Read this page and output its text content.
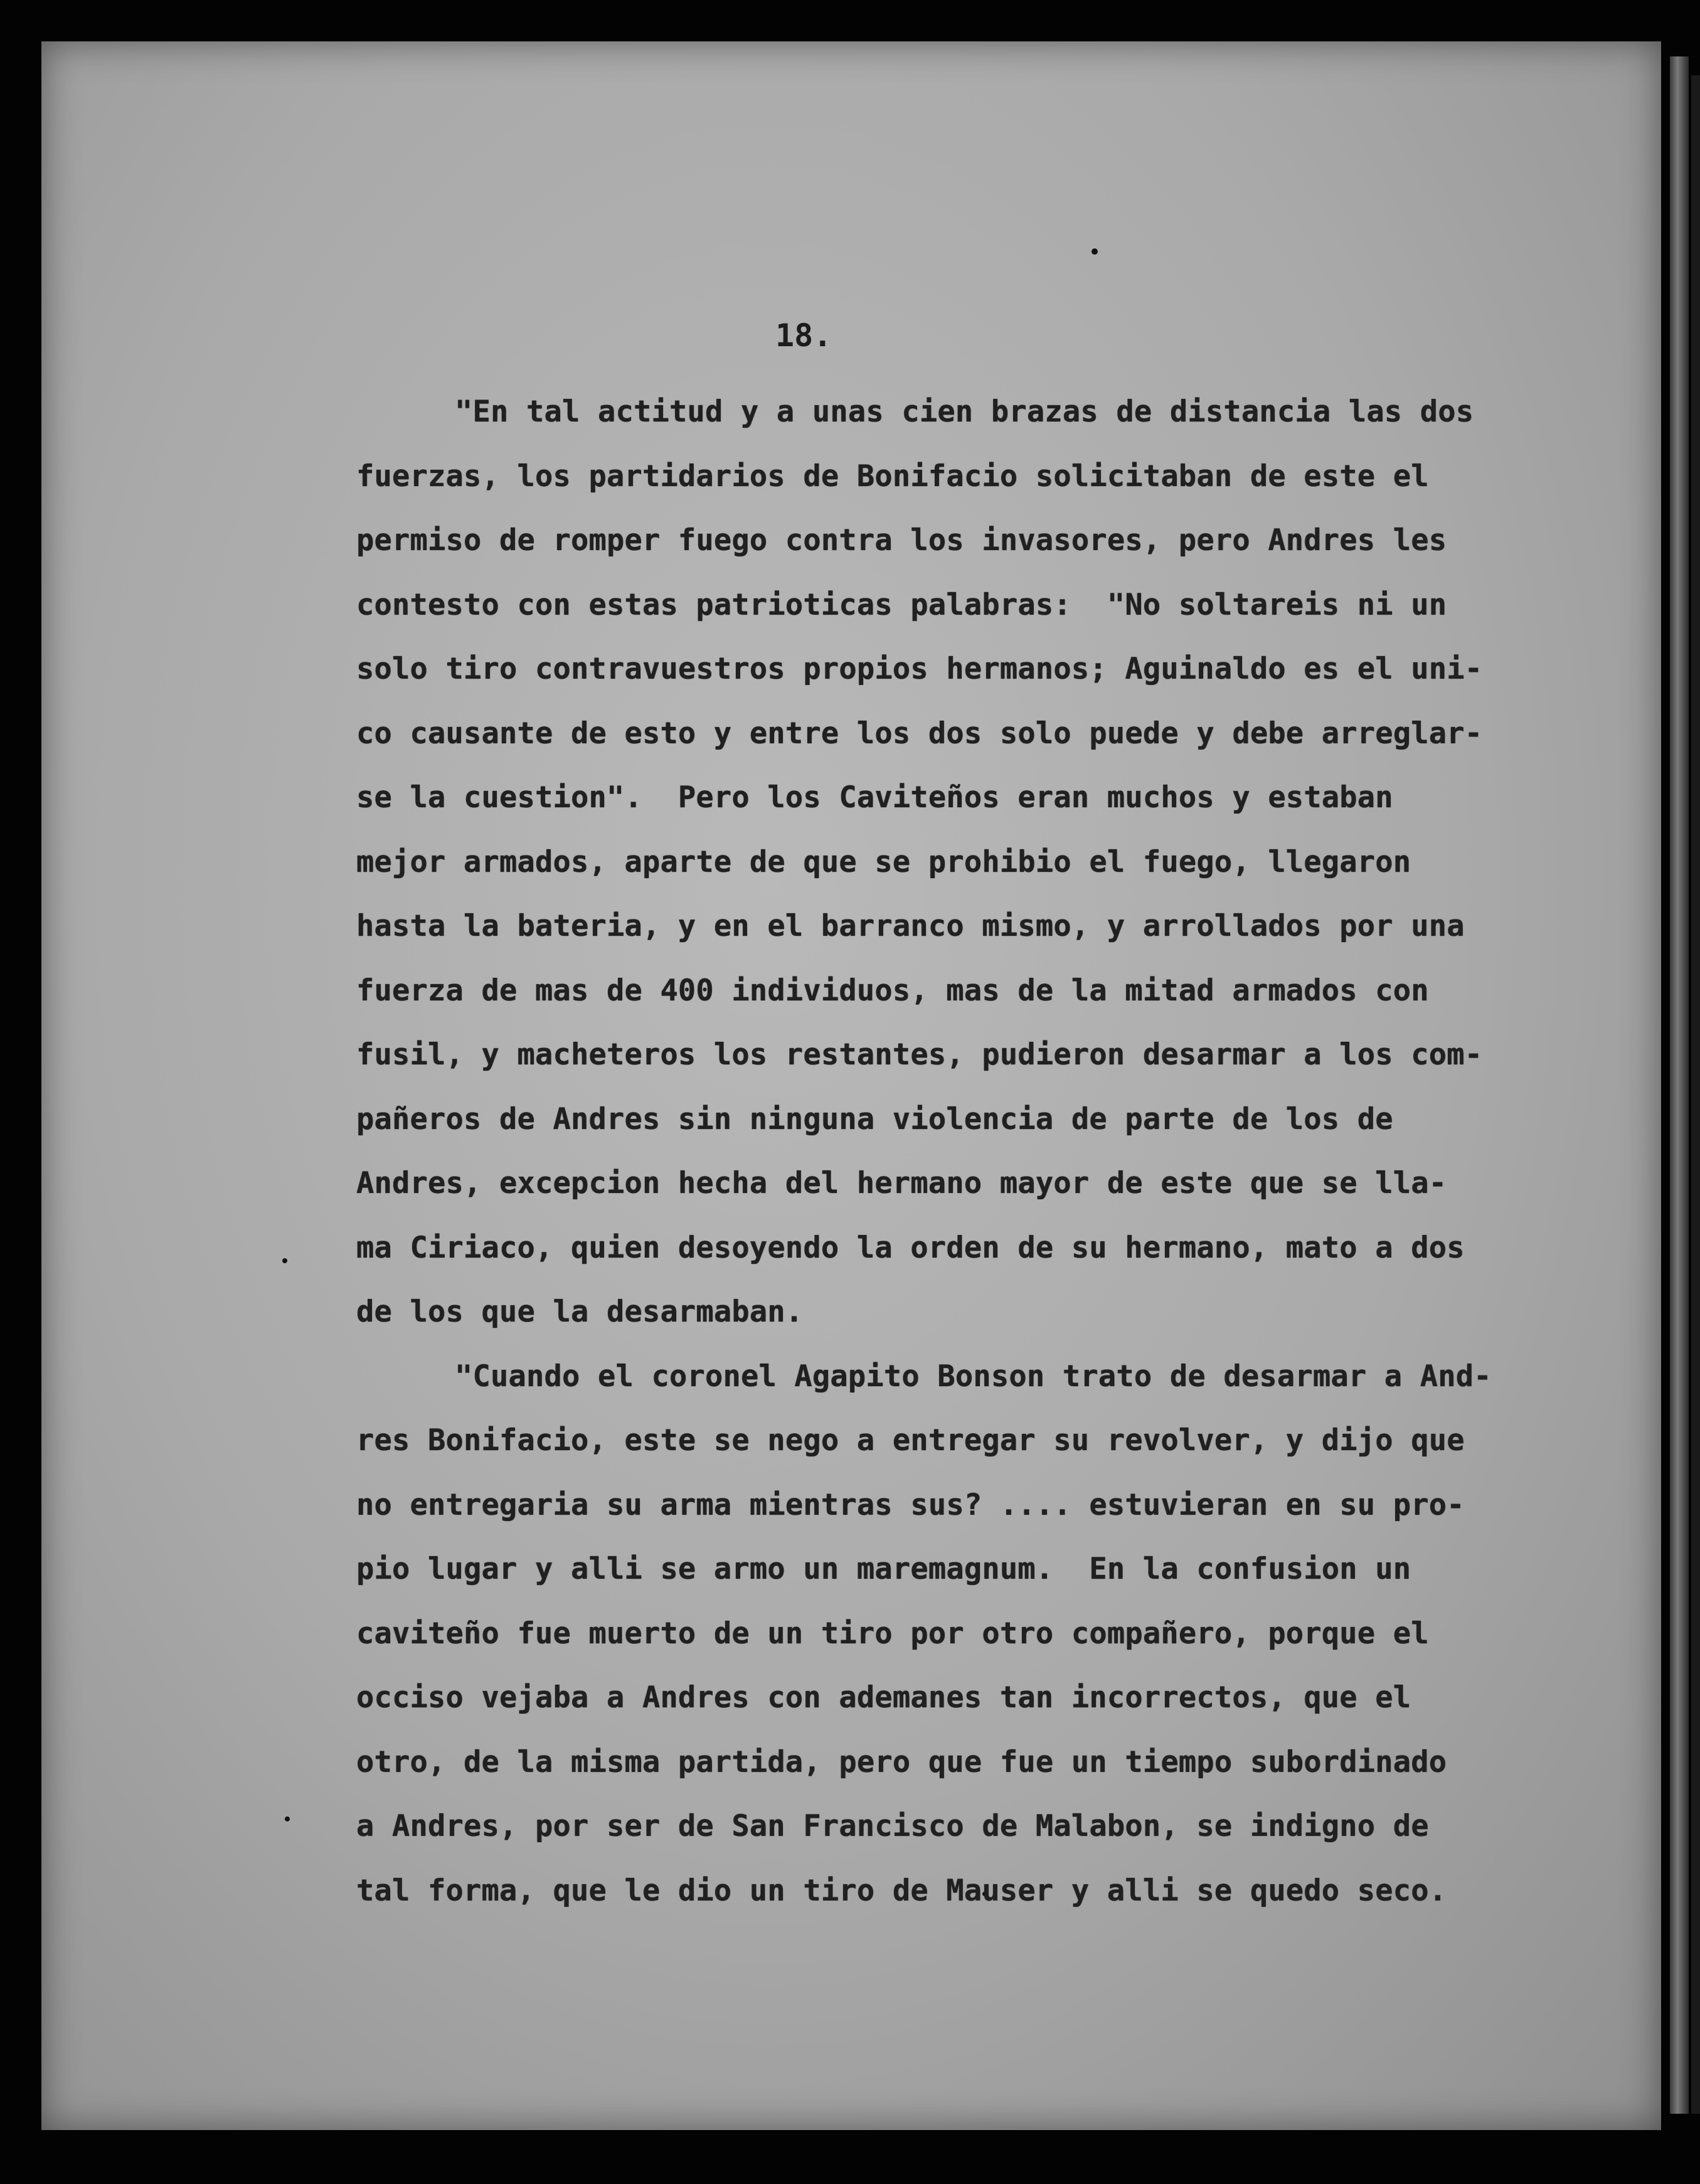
18.

"En tal actitud y a unas cien brazas de distancia las dos
fuerzas, los partidarios de Bonifacio solicitaban de este el
permiso de romper fuego contra los invasores, pero Andres les
contesto con estas patrioticas palabras:  "No soltareis ni un
solo tiro contravuestros propios hermanos; Aguinaldo es el uni-
co causante de esto y entre los dos solo puede y debe arreglar-
se la cuestion".  Pero los Caviteños eran muchos y estaban
mejor armados, aparte de que se prohibio el fuego, llegaron
hasta la bateria, y en el barranco mismo, y arrollados por una
fuerza de mas de 400 individuos, mas de la mitad armados con
fusil, y macheteros los restantes, pudieron desarmar a los com-
pañeros de Andres sin ninguna violencia de parte de los de
Andres, excepcion hecha del hermano mayor de este que se lla-
ma Ciriaco, quien desoyendo la orden de su hermano, mato a dos
de los que la desarmaban.
"Cuando el coronel Agapito Bonson trato de desarmar a And-
res Bonifacio, este se nego a entregar su revolver, y dijo que
no entregaria su arma mientras sus? .... estuvieran en su pro-
pio lugar y alli se armo un maremagnum.  En la confusion un
caviteño fue muerto de un tiro por otro compañero, porque el
occiso vejaba a Andres con ademanes tan incorrectos, que el
otro, de la misma partida, pero que fue un tiempo subordinado
a Andres, por ser de San Francisco de Malabon, se indigno de
tal forma, que le dio un tiro de Mauser y alli se quedo seco.
